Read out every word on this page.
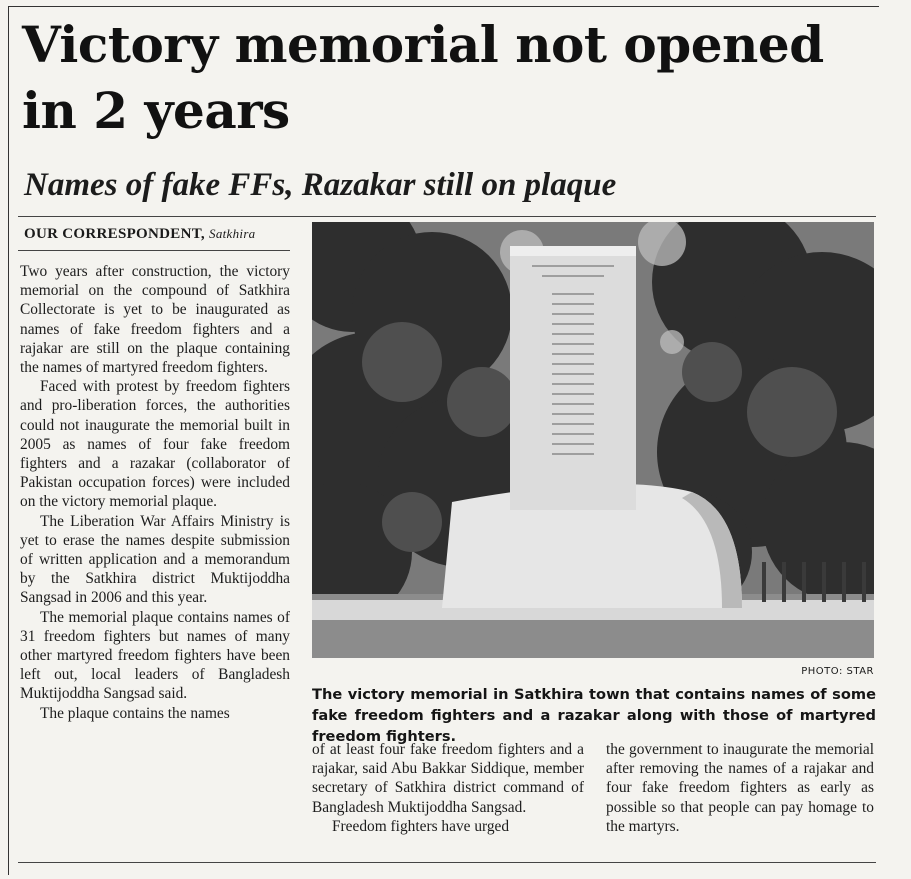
Victory memorial not opened in 2 years
Names of fake FFs, Razakar still on plaque
OUR CORRESPONDENT, Satkhira

Two years after construction, the victory memorial on the compound of Satkhira Collectorate is yet to be inaugurated as names of fake freedom fighters and a rajakar are still on the plaque containing the names of martyred freedom fighters.

Faced with protest by freedom fighters and pro-liberation forces, the authorities could not inaugurate the memorial built in 2005 as names of four fake freedom fighters and a razakar (collaborator of Pakistan occupation forces) were included on the victory memorial plaque.

The Liberation War Affairs Ministry is yet to erase the names despite submission of written application and a memorandum by the Satkhira district Muktijoddha Sangsad in 2006 and this year.

The memorial plaque contains names of 31 freedom fighters but names of many other martyred freedom fighters have been left out, local leaders of Bangladesh Muktijoddha Sangsad said.

The plaque contains the names

PHOTO: STAR
The victory memorial in Satkhira town that contains names of some fake freedom fighters and a razakar along with those of martyred freedom fighters.

of at least four fake freedom fighters and a rajakar, said Abu Bakkar Siddique, member secretary of Satkhira district command of Bangladesh Muktijoddha Sangsad.

Freedom fighters have urged

the government to inaugurate the memorial after removing the names of a rajakar and four fake freedom fighters as early as possible so that people can pay homage to the martyrs.
